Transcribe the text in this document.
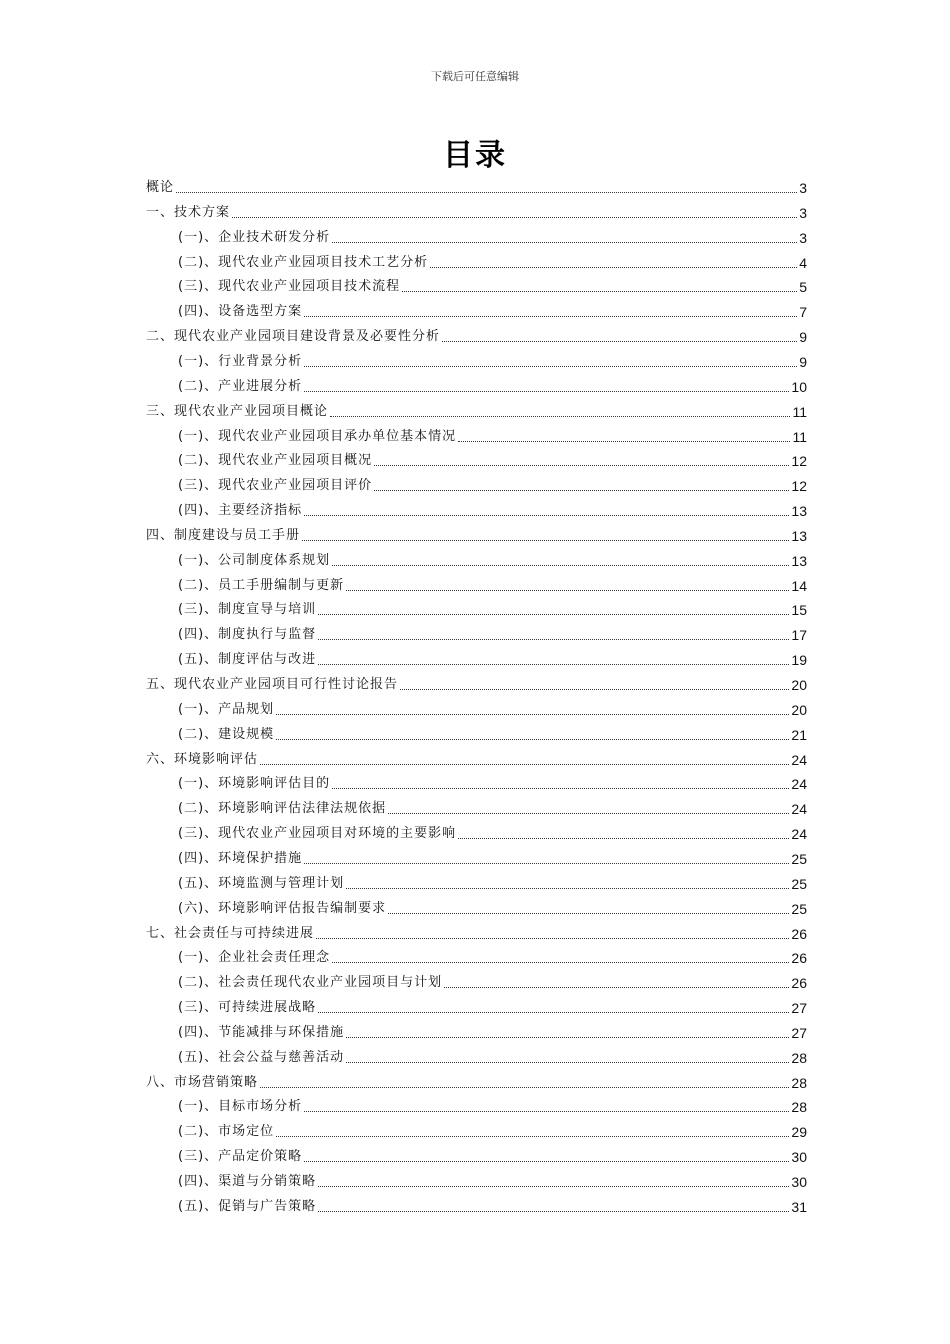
下载后可任意编辑
目录
概论	3
一、技术方案	3
(一)、企业技术研发分析	3
(二)、现代农业产业园项目技术工艺分析	4
(三)、现代农业产业园项目技术流程	5
(四)、设备选型方案	7
二、现代农业产业园项目建设背景及必要性分析	9
(一)、行业背景分析	9
(二)、产业进展分析	10
三、现代农业产业园项目概论	11
(一)、现代农业产业园项目承办单位基本情况	11
(二)、现代农业产业园项目概况	12
(三)、现代农业产业园项目评价	12
(四)、主要经济指标	13
四、制度建设与员工手册	13
(一)、公司制度体系规划	13
(二)、员工手册编制与更新	14
(三)、制度宣导与培训	15
(四)、制度执行与监督	17
(五)、制度评估与改进	19
五、现代农业产业园项目可行性讨论报告	20
(一)、产品规划	20
(二)、建设规模	21
六、环境影响评估	24
(一)、环境影响评估目的	24
(二)、环境影响评估法律法规依据	24
(三)、现代农业产业园项目对环境的主要影响	24
(四)、环境保护措施	25
(五)、环境监测与管理计划	25
(六)、环境影响评估报告编制要求	25
七、社会责任与可持续进展	26
(一)、企业社会责任理念	26
(二)、社会责任现代农业产业园项目与计划	26
(三)、可持续进展战略	27
(四)、节能减排与环保措施	27
(五)、社会公益与慈善活动	28
八、市场营销策略	28
(一)、目标市场分析	28
(二)、市场定位	29
(三)、产品定价策略	30
(四)、渠道与分销策略	30
(五)、促销与广告策略	31
